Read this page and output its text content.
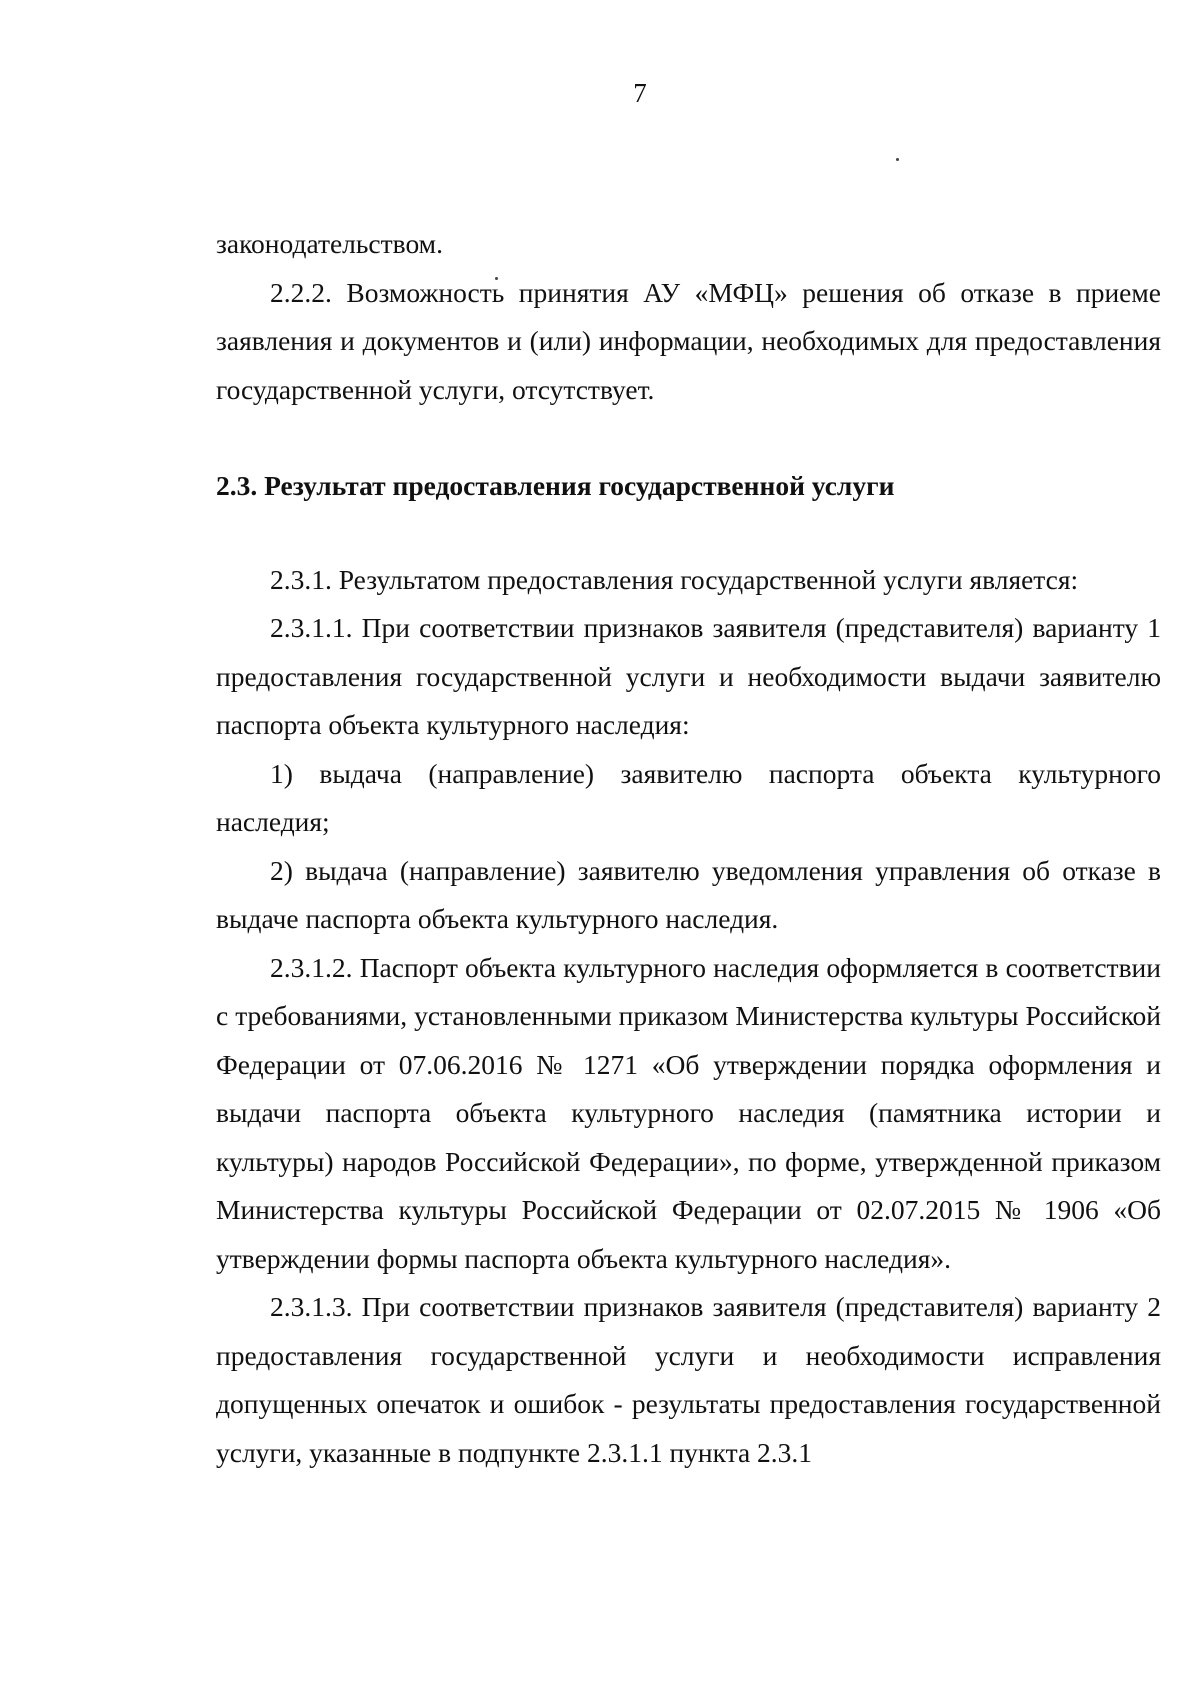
7

законодательством.

2.2.2. Возможность принятия АУ «МФЦ» решения об отказе в приеме заявления и документов и (или) информации, необходимых для предоставления государственной услуги, отсутствует.

2.3. Результат предоставления государственной услуги

2.3.1. Результатом предоставления государственной услуги является:

2.3.1.1. При соответствии признаков заявителя (представителя) варианту 1 предоставления государственной услуги и необходимости выдачи заявителю паспорта объекта культурного наследия:

1) выдача (направление) заявителю паспорта объекта культурного наследия;

2) выдача (направление) заявителю уведомления управления об отказе в выдаче паспорта объекта культурного наследия.

2.3.1.2. Паспорт объекта культурного наследия оформляется в соответствии с требованиями, установленными приказом Министерства культуры Российской Федерации от 07.06.2016 № 1271 «Об утверждении порядка оформления и выдачи паспорта объекта культурного наследия (памятника истории и культуры) народов Российской Федерации», по форме, утвержденной приказом Министерства культуры Российской Федерации от 02.07.2015 № 1906 «Об утверждении формы паспорта объекта культурного наследия».

2.3.1.3. При соответствии признаков заявителя (представителя) варианту 2 предоставления государственной услуги и необходимости исправления допущенных опечаток и ошибок - результаты предоставления государственной услуги, указанные в подпункте 2.3.1.1 пункта 2.3.1
